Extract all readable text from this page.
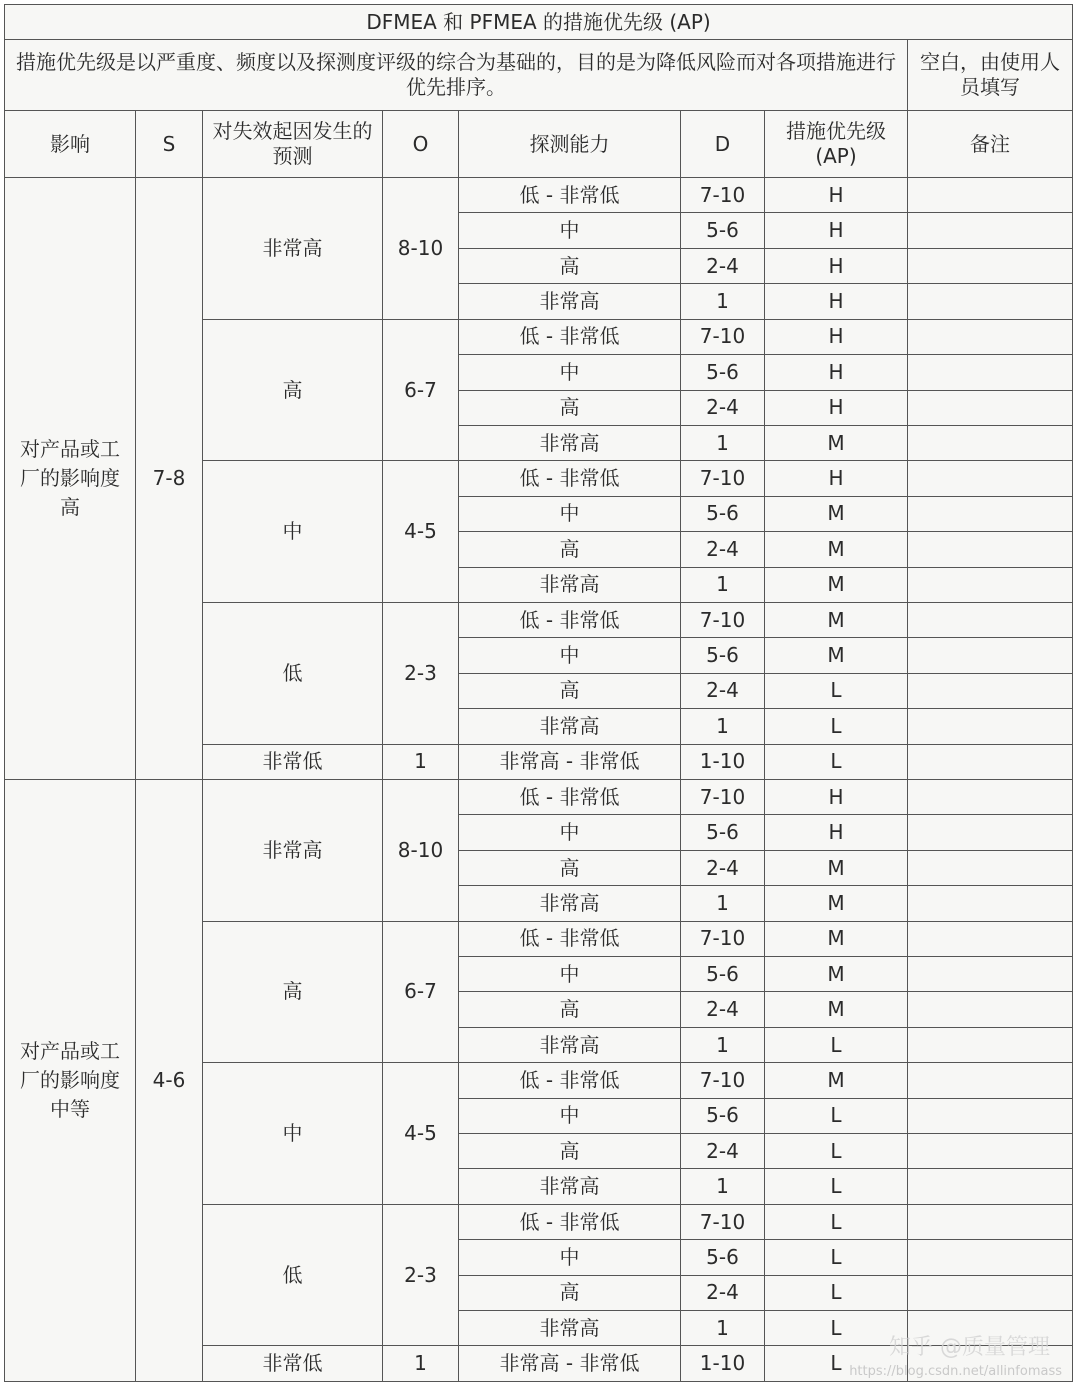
DFMEA 和 PFMEA 的措施优先级 (AP)							
措施优先级是以严重度、频度以及探测度评级的综合为基础的，目的是为降低风险而对各项措施进行优先排序。							空白，由使用人员填写
影响	S	对失效起因发生的预测	O	探测能力	D	措施优先级 (AP)	备注
对产品或工厂的影响度高	7-8	非常高	8-10	低 - 非常低	7-10	H	
				中	5-6	H	
				高	2-4	H	
				非常高	1	H	
		高	6-7	低 - 非常低	7-10	H	
				中	5-6	H	
				高	2-4	H	
				非常高	1	M	
		中	4-5	低 - 非常低	7-10	H	
				中	5-6	M	
				高	2-4	M	
				非常高	1	M	
		低	2-3	低 - 非常低	7-10	M	
				中	5-6	M	
				高	2-4	L	
				非常高	1	L	
		非常低	1	非常高 - 非常低	1-10	L	
对产品或工厂的影响度中等	4-6	非常高	8-10	低 - 非常低	7-10	H	
				中	5-6	H	
				高	2-4	M	
				非常高	1	M	
		高	6-7	低 - 非常低	7-10	M	
				中	5-6	M	
				高	2-4	M	
				非常高	1	L	
		中	4-5	低 - 非常低	7-10	M	
				中	5-6	L	
				高	2-4	L	
				非常高	1	L	
		低	2-3	低 - 非常低	7-10	L	
				中	5-6	L	
				高	2-4	L	
				非常高	1	L	
		非常低	1	非常高 - 非常低	1-10	L	
知乎 @质量管理
https://blog.csdn.net/allinfomass
